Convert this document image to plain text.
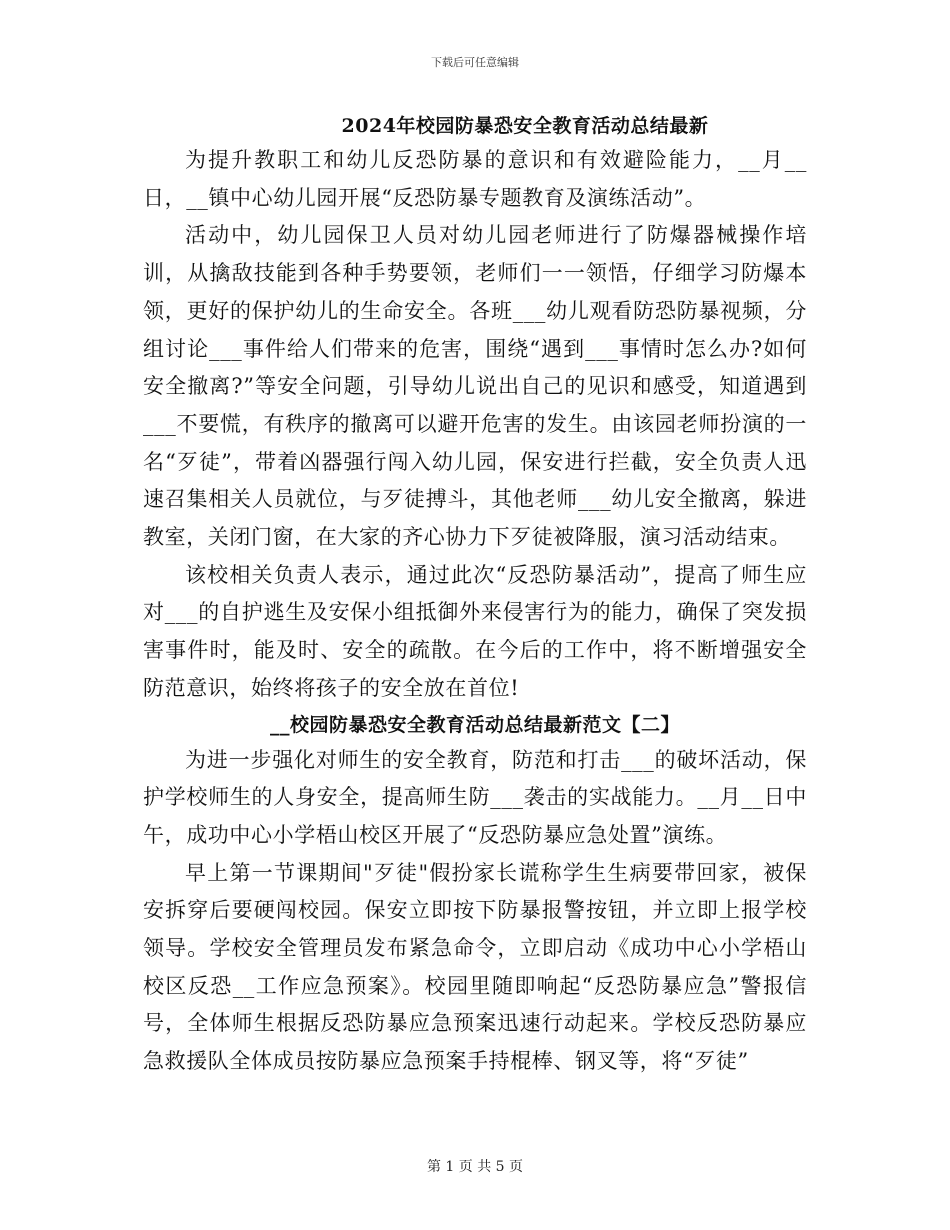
下载后可任意编辑
2024年校园防暴恐安全教育活动总结最新

为提升教职工和幼儿反恐防暴的意识和有效避险能力，__月__日，__镇中心幼儿园开展“反恐防暴专题教育及演练活动”。

活动中，幼儿园保卫人员对幼儿园老师进行了防爆器械操作培训，从擒敌技能到各种手势要领，老师们一一领悟，仔细学习防爆本领，更好的保护幼儿的生命安全。各班___幼儿观看防恐防暴视频，分组讨论___事件给人们带来的危害，围绕“遇到___事情时怎么办?如何安全撤离?”等安全问题，引导幼儿说出自己的见识和感受，知道遇到___不要慌，有秩序的撤离可以避开危害的发生。由该园老师扮演的一名“歹徒”，带着凶器强行闯入幼儿园，保安进行拦截，安全负责人迅速召集相关人员就位，与歹徒搏斗，其他老师___幼儿安全撤离，躲进教室，关闭门窗，在大家的齐心协力下歹徒被降服，演习活动结束。

该校相关负责人表示，通过此次“反恐防暴活动”，提高了师生应对___的自护逃生及安保小组抵御外来侵害行为的能力，确保了突发损害事件时，能及时、安全的疏散。在今后的工作中，将不断增强安全防范意识，始终将孩子的安全放在首位!

__校园防暴恐安全教育活动总结最新范文【二】

为进一步强化对师生的安全教育，防范和打击___的破坏活动，保护学校师生的人身安全，提高师生防___袭击的实战能力。__月__日中午，成功中心小学梧山校区开展了“反恐防暴应急处置”演练。

早上第一节课期间"歹徒"假扮家长谎称学生生病要带回家，被保安拆穿后要硬闯校园。保安立即按下防暴报警按钮，并立即上报学校领导。学校安全管理员发布紧急命令，立即启动《成功中心小学梧山校区反恐__工作应急预案》。校园里随即响起“反恐防暴应急”警报信号，全体师生根据反恐防暴应急预案迅速行动起来。学校反恐防暴应急救援队全体成员按防暴应急预案手持棍棒、钢叉等，将“歹徒”

第 1 页 共 5 页
